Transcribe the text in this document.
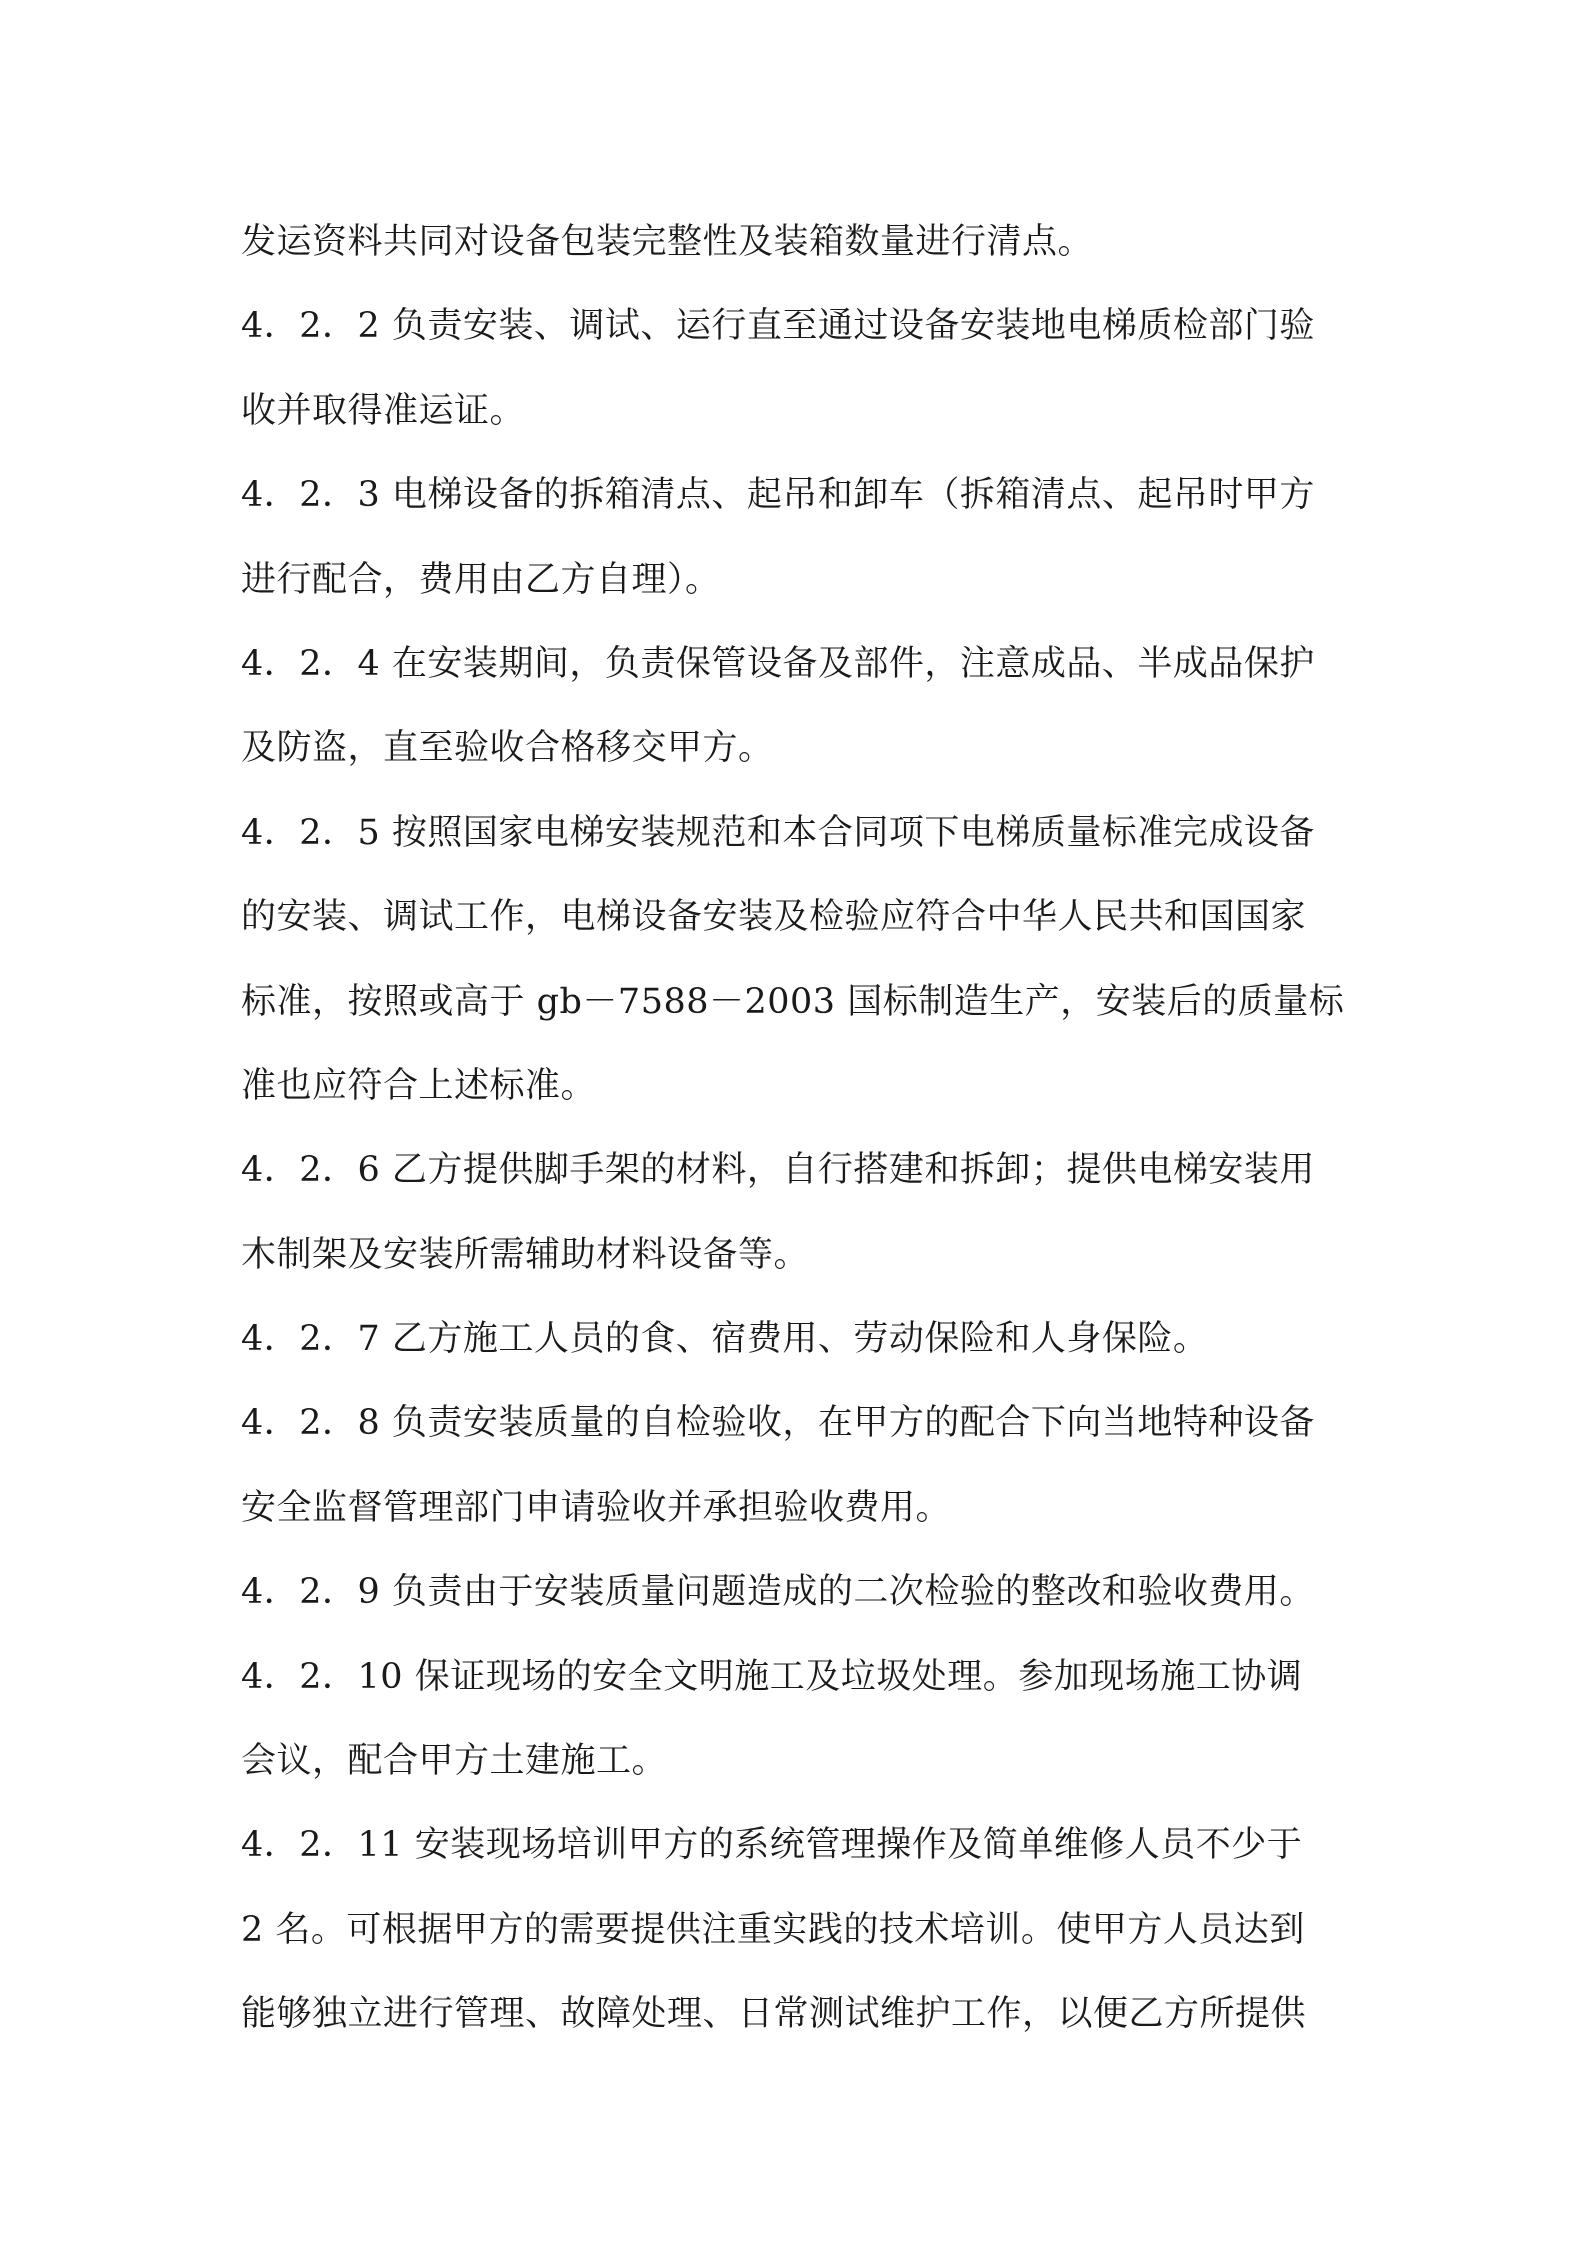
发运资料共同对设备包装完整性及装箱数量进行清点。
4．2．2 负责安装、调试、运行直至通过设备安装地电梯质检部门验
收并取得准运证。
4．2．3 电梯设备的拆箱清点、起吊和卸车（拆箱清点、起吊时甲方
进行配合，费用由乙方自理）。
4．2．4 在安装期间，负责保管设备及部件，注意成品、半成品保护
及防盗，直至验收合格移交甲方。
4．2．5 按照国家电梯安装规范和本合同项下电梯质量标准完成设备
的安装、调试工作，电梯设备安装及检验应符合中华人民共和国国家
标准，按照或高于 gb－7588－2003 国标制造生产，安装后的质量标
准也应符合上述标准。
4．2．6 乙方提供脚手架的材料，自行搭建和拆卸；提供电梯安装用
木制架及安装所需辅助材料设备等。
4．2．7 乙方施工人员的食、宿费用、劳动保险和人身保险。
4．2．8 负责安装质量的自检验收，在甲方的配合下向当地特种设备
安全监督管理部门申请验收并承担验收费用。
4．2．9 负责由于安装质量问题造成的二次检验的整改和验收费用。
4．2．10 保证现场的安全文明施工及垃圾处理。参加现场施工协调
会议，配合甲方土建施工。
4．2．11 安装现场培训甲方的系统管理操作及简单维修人员不少于
2 名。可根据甲方的需要提供注重实践的技术培训。使甲方人员达到
能够独立进行管理、故障处理、日常测试维护工作，以便乙方所提供
